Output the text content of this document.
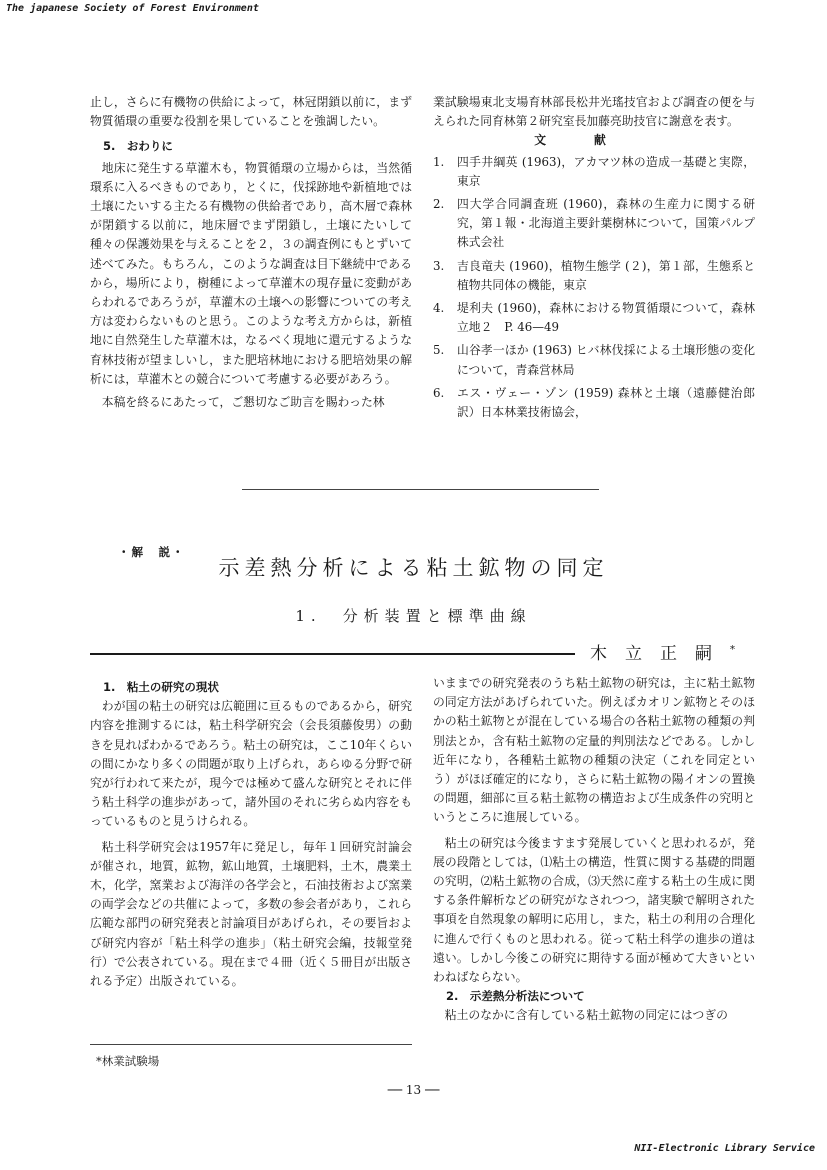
The japanese Society of Forest Environment

止し，さらに有機物の供給によって，林冠閉鎖以前に，まず物質循環の重要な役割を果していることを強調したい。

5.　おわりに

地床に発生する草灌木も，物質循環の立場からは，当然循環系に入るべきものであり，とくに，伐採跡地や新植地では土壌にたいする主たる有機物の供給者であり，高木層で森林が閉鎖する以前に，地床層でまず閉鎖し，土壌にたいして種々の保護効果を与えることを２，３の調査例にもとずいて述べてみた。もちろん，このような調査は目下継続中であるから，場所により，樹種によって草灌木の現存量に変動があらわれるであろうが，草灌木の土壌への影響についての考え方は変わらないものと思う。このような考え方からは，新植地に自然発生した草灌木は，なるべく現地に還元するような育林技術が望ましいし，また肥培林地における肥培効果の解析には，草灌木との競合について考慮する必要があろう。

本稿を終るにあたって，ご懇切なご助言を賜わった林

業試験場東北支場育林部長松井光瑤技官および調査の便を与えられた同育林第２研究室長加藤亮助技官に謝意を表す。

文献

1.	四手井綱英 (1963)，アカマツ林の造成一基礎と実際，東京
2.	四大学合同調査班 (1960)，森林の生産力に関する研究，第１報・北海道主要針葉樹林について，国策パルプ株式会社
3.	吉良竜夫 (1960)，植物生態学 (２)，第１部，生態系と植物共同体の機能，東京
4.	堤利夫 (1960)，森林における物質循環について，森林立地２　P. 46—49
5.	山谷孝一ほか (1963) ヒバ林伐採による土壌形態の変化について，青森営林局
6.	エス・ヴェー・ゾン (1959) 森林と土壌（遠藤健治郎訳）日本林業技術協会，
・解　説・
示差熱分析による粘土鉱物の同定
1.　分析装置と標準曲線
木立正嗣*

1.　粘土の研究の現状

わが国の粘土の研究は広範囲に亘るものであるから，研究内容を推測するには，粘土科学研究会（会長須藤俊男）の動きを見ればわかるであろう。粘土の研究は，ここ10年くらいの間にかなり多くの問題が取り上げられ，あらゆる分野で研究が行われて来たが，現今では極めて盛んな研究とそれに伴う粘土科学の進歩があって，諸外国のそれに劣らぬ内容をもっているものと見うけられる。

粘土科学研究会は1957年に発足し，毎年１回研究討論会が催され，地質，鉱物，鉱山地質，土壌肥料，土木，農業土木，化学，窯業および海洋の各学会と，石油技術および窯業の両学会などの共催によって，多数の参会者があり，これら広範な部門の研究発表と討論項目があげられ，その要旨および研究内容が「粘土科学の進歩」（粘土研究会編，技報堂発行）で公表されている。現在まで４冊（近く５冊目が出版される予定）出版されている。

いままでの研究発表のうち粘土鉱物の研究は，主に粘土鉱物の同定方法があげられていた。例えばカオリン鉱物とそのほかの粘土鉱物とが混在している場合の各粘土鉱物の種類の判別法とか，含有粘土鉱物の定量的判別法などである。しかし近年になり，各種粘土鉱物の種類の決定（これを同定という）がほぼ確定的になり，さらに粘土鉱物の陽イオンの置換の問題，細部に亘る粘土鉱物の構造および生成条件の究明というところに進展している。

粘土の研究は今後ますます発展していくと思われるが，発展の段階としては，⑴粘土の構造，性質に関する基礎的問題の究明，⑵粘土鉱物の合成，⑶天然に産する粘土の生成に関する条件解析などの研究がなされつつ，諸実験で解明された事項を自然現象の解明に応用し，また，粘土の利用の合理化に進んで行くものと思われる。従って粘土科学の進歩の道は遠い。しかし今後この研究に期待する面が極めて大きいといわねばならない。

2.　示差熱分析法について

粘土のなかに含有している粘土鉱物の同定にはつぎの

*林業試験場
── 13 ──
NII-Electronic Library Service
